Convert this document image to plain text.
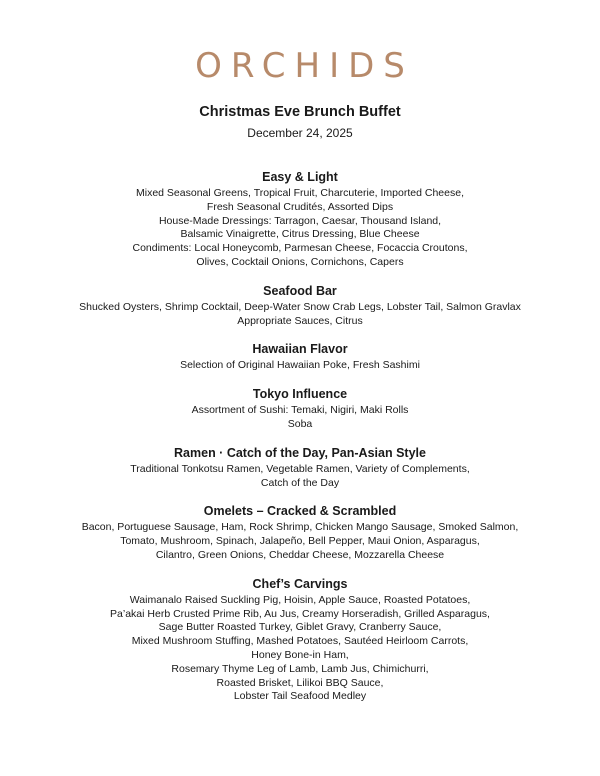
ORCHIDS
Christmas Eve Brunch Buffet
December 24, 2025
Easy & Light
Mixed Seasonal Greens, Tropical Fruit, Charcuterie, Imported Cheese,
Fresh Seasonal Crudités, Assorted Dips
House-Made Dressings: Tarragon, Caesar, Thousand Island,
Balsamic Vinaigrette, Citrus Dressing, Blue Cheese
Condiments: Local Honeycomb, Parmesan Cheese, Focaccia Croutons,
Olives, Cocktail Onions, Cornichons, Capers
Seafood Bar
Shucked Oysters, Shrimp Cocktail, Deep-Water Snow Crab Legs, Lobster Tail, Salmon Gravlax
Appropriate Sauces, Citrus
Hawaiian Flavor
Selection of Original Hawaiian Poke, Fresh Sashimi
Tokyo Influence
Assortment of Sushi: Temaki, Nigiri, Maki Rolls
Soba
Ramen · Catch of the Day, Pan-Asian Style
Traditional Tonkotsu Ramen, Vegetable Ramen, Variety of Complements,
Catch of the Day
Omelets – Cracked & Scrambled
Bacon, Portuguese Sausage, Ham, Rock Shrimp, Chicken Mango Sausage, Smoked Salmon,
Tomato, Mushroom, Spinach, Jalapeño, Bell Pepper, Maui Onion, Asparagus,
Cilantro, Green Onions, Cheddar Cheese, Mozzarella Cheese
Chef’s Carvings
Waimanalo Raised Suckling Pig, Hoisin, Apple Sauce, Roasted Potatoes,
Pa’akai Herb Crusted Prime Rib, Au Jus, Creamy Horseradish, Grilled Asparagus,
Sage Butter Roasted Turkey, Giblet Gravy, Cranberry Sauce,
Mixed Mushroom Stuffing, Mashed Potatoes, Sautéed Heirloom Carrots,
Honey Bone-in Ham,
Rosemary Thyme Leg of Lamb, Lamb Jus, Chimichurri,
Roasted Brisket, Lilikoi BBQ Sauce,
Lobster Tail Seafood Medley
